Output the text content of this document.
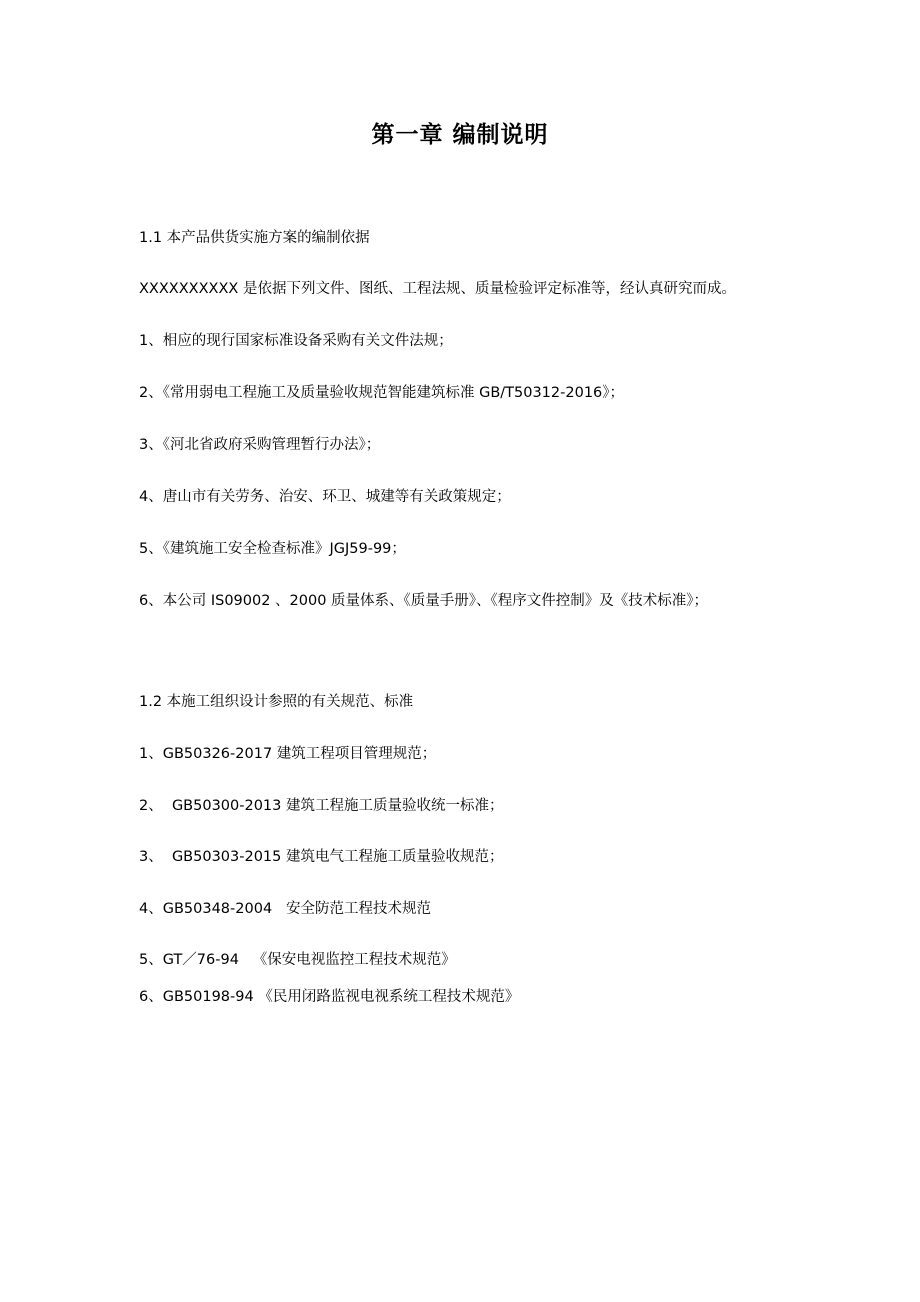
第一章 编制说明
1.1 本产品供货实施方案的编制依据
XXXXXXXXXX 是依据下列文件、图纸、工程法规、质量检验评定标准等，经认真研究而成。
1、相应的现行国家标准设备采购有关文件法规；
2、《常用弱电工程施工及质量验收规范智能建筑标准 GB/T50312-2016》；
3、《河北省政府采购管理暂行办法》；
4、唐山市有关劳务、治安、环卫、城建等有关政策规定；
5、《建筑施工安全检查标准》JGJ59-99；
6、本公司 IS09002 、2000 质量体系、《质量手册》、《程序文件控制》及《技术标准》；
1.2 本施工组织设计参照的有关规范、标准
1、GB50326-2017 建筑工程项目管理规范；
2、  GB50300-2013 建筑工程施工质量验收统一标准；
3、  GB50303-2015 建筑电气工程施工质量验收规范；
4、GB50348-2004   安全防范工程技术规范
5、GT／76-94   《保安电视监控工程技术规范》
6、GB50198-94 《民用闭路监视电视系统工程技术规范》
